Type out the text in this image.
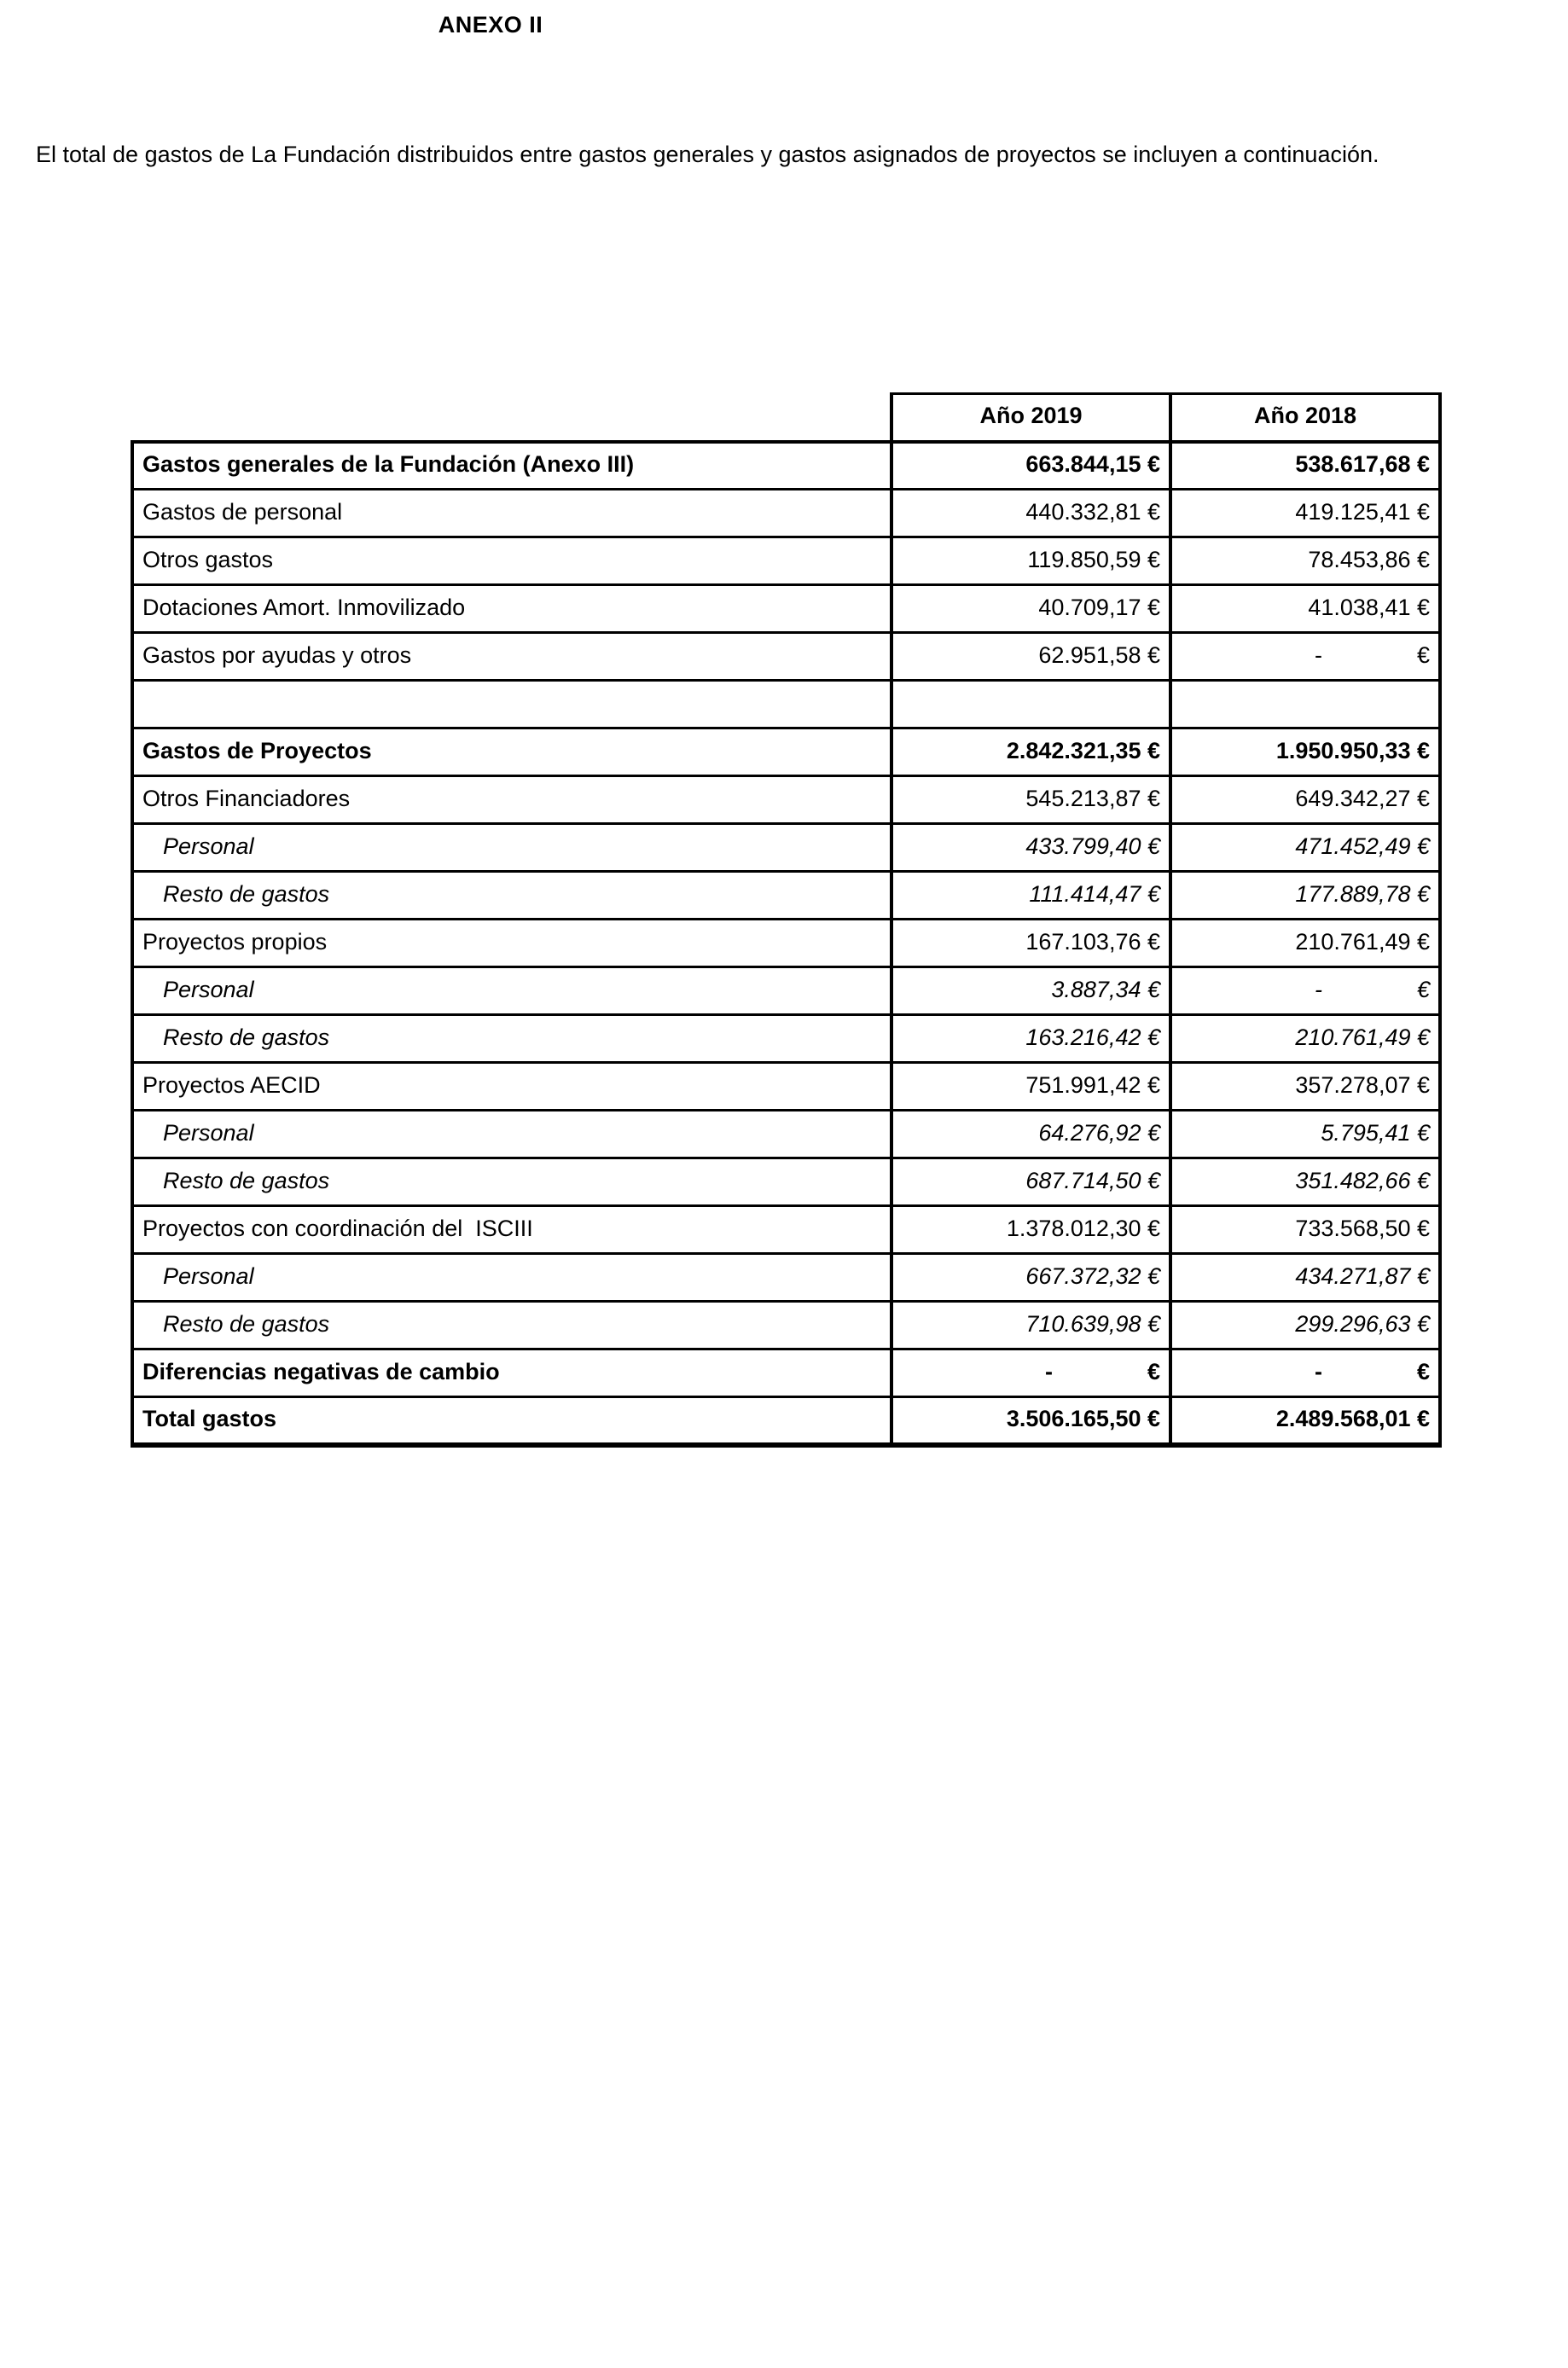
ANEXO II

El total de gastos de La Fundación distribuidos entre gastos generales y gastos asignados de proyectos se incluyen a continuación.

	Año 2019	Año 2018
Gastos generales de la Fundación (Anexo III)	663.844,15 €	538.617,68 €
Gastos de personal	440.332,81 €	419.125,41 €
Otros gastos	119.850,59 €	78.453,86 €
Dotaciones Amort. Inmovilizado	40.709,17 €	41.038,41 €
Gastos por ayudas y otros	62.951,58 €	- €

Gastos de Proyectos	2.842.321,35 €	1.950.950,33 €
Otros Financiadores	545.213,87 €	649.342,27 €
Personal	433.799,40 €	471.452,49 €
Resto de gastos	111.414,47 €	177.889,78 €
Proyectos propios	167.103,76 €	210.761,49 €
Personal	3.887,34 €	- €
Resto de gastos	163.216,42 €	210.761,49 €
Proyectos AECID	751.991,42 €	357.278,07 €
Personal	64.276,92 €	5.795,41 €
Resto de gastos	687.714,50 €	351.482,66 €
Proyectos con coordinación del  ISCIII	1.378.012,30 €	733.568,50 €
Personal	667.372,32 €	434.271,87 €
Resto de gastos	710.639,98 €	299.296,63 €
Diferencias negativas de cambio	- €	- €
Total gastos	3.506.165,50 €	2.489.568,01 €
